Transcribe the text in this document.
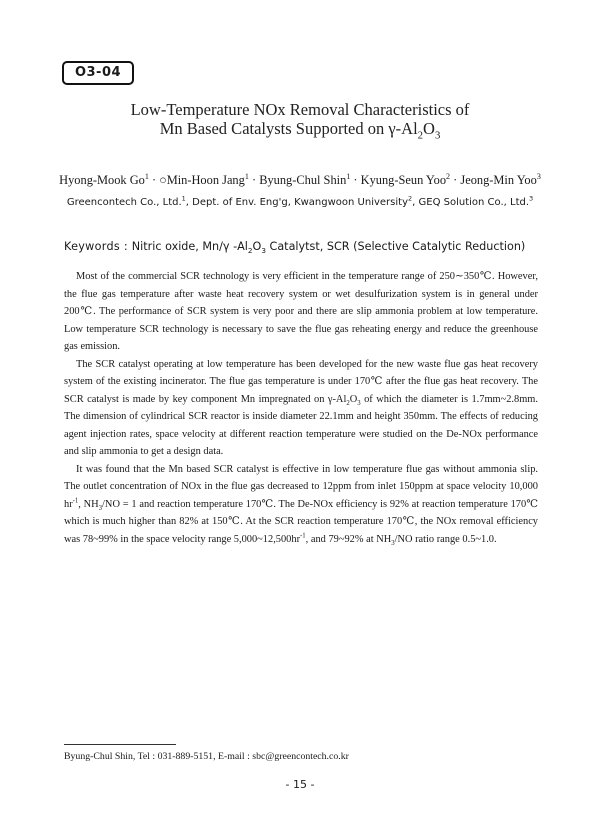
O3-04
Low-Temperature NOx Removal Characteristics of
Mn Based Catalysts Supported on $\gamma-Al_2O_3$
Hyong-Mook $Go^1$ · ○Min-Hoon Jang$^1$ · Byung-Chul Shin$^1$ · Kyung-Seun Yoo$^2$ · Jeong-Min Yoo$^3$
Greencontech Co., Ltd.$^1$, Dept. of Env. Eng'g, Kwangwoon University$^2$, GEQ Solution Co., Ltd.$^3$
Keywords : Nitric oxide, Mn/γ $-Al_2O_3$ Catalytst, SCR (Selective Catalytic Reduction)

Most of the commercial SCR technology is very efficient in the temperature range of 250∼350℃. However, the flue gas temperature after waste heat recovery system or wet desulfurization system is in general under 200℃. The performance of SCR system is very poor and there are slip ammonia problem at low temperature. Low temperature SCR technology is necessary to save the flue gas reheating energy and reduce the greenhouse gas emission.

The SCR catalyst operating at low temperature has been developed for the new waste flue gas heat recovery system of the existing incinerator. The flue gas temperature is under 170℃ after the flue gas heat recovery. The SCR catalyst is made by key component Mn impregnated on $\gamma-Al_2O_3$ of which the diameter is 1.7mm~2.8mm. The dimension of cylindrical SCR reactor is inside diameter 22.1mm and height 350mm. The effects of reducing agent injection rates, space velocity at different reaction temperature were studied on the De-NOx performance and slip ammonia to get a design data.

It was found that the Mn based SCR catalyst is effective in low temperature flue gas without ammonia slip. The outlet concentration of NOx in the flue gas decreased to 12ppm from inlet 150ppm at space velocity 10,000 $hr^{-1}$, $NH_3/NO = 1$ and reaction temperature 170℃. The De-NOx efficiency is 92% at reaction temperature 170℃ which is much higher than 82% at 150℃. At the SCR reaction temperature 170℃, the NOx removal efficiency was 78~99% in the space velocity range $5,000\sim 12,500hr^{-1}$, and 79~92% at $NH_3/NO$ ratio range 0.5~1.0.

Byung-Chul Shin, Tel : 031-889-5151, E-mail : sbc@greencontech.co.kr
- 15 -
